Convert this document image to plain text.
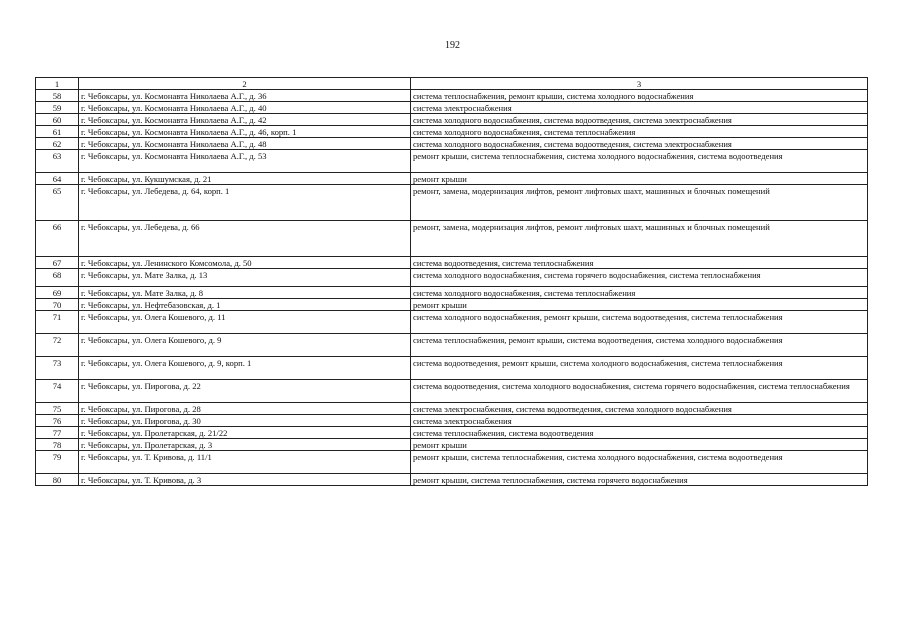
192
1	2	3
58	г. Чебоксары, ул. Космонавта Николаева А.Г., д. 36	система теплоснабжения, ремонт крыши, система холодного водоснабжения
59	г. Чебоксары, ул. Космонавта Николаева А.Г., д. 40	система электроснабжения
60	г. Чебоксары, ул. Космонавта Николаева А.Г., д. 42	система холодного водоснабжения, система водоотведения, система электроснабжения
61	г. Чебоксары, ул. Космонавта Николаева А.Г., д. 46, корп. 1	система холодного водоснабжения, система теплоснабжения
62	г. Чебоксары, ул. Космонавта Николаева А.Г., д. 48	система холодного водоснабжения, система водоотведения, система электроснабжения
63	г. Чебоксары, ул. Космонавта Николаева А.Г., д. 53	ремонт крыши, система теплоснабжения, система холодного водоснабжения, система водоотведения
64	г. Чебоксары, ул. Кукшумская, д. 21	ремонт крыши
65	г. Чебоксары, ул. Лебедева, д. 64, корп. 1	ремонт, замена, модернизация лифтов, ремонт лифтовых шахт, машинных и блочных помещений
66	г. Чебоксары, ул. Лебедева, д. 66	ремонт, замена, модернизация лифтов, ремонт лифтовых шахт, машинных и блочных помещений
67	г. Чебоксары, ул. Ленинского Комсомола, д. 50	система водоотведения, система теплоснабжения
68	г. Чебоксары, ул. Мате Залка, д. 13	система холодного водоснабжения, система горячего водоснабжения, система теплоснабжения
69	г. Чебоксары, ул. Мате Залка, д. 8	система холодного водоснабжения, система теплоснабжения
70	г. Чебоксары, ул. Нефтебазовская, д. 1	ремонт крыши
71	г. Чебоксары, ул. Олега Кошевого, д. 11	система холодного водоснабжения, ремонт крыши, система водоотведения, система теплоснабжения
72	г. Чебоксары, ул. Олега Кошевого, д. 9	система теплоснабжения, ремонт крыши, система водоотведения, система холодного водоснабжения
73	г. Чебоксары, ул. Олега Кошевого, д. 9, корп. 1	система водоотведения, ремонт крыши, система холодного водоснабжения, система теплоснабжения
74	г. Чебоксары, ул. Пирогова, д. 22	система водоотведения, система холодного водоснабжения, система горячего водоснабжения, система теплоснабжения
75	г. Чебоксары, ул. Пирогова, д. 28	система электроснабжения, система водоотведения, система холодного водоснабжения
76	г. Чебоксары, ул. Пирогова, д. 30	система электроснабжения
77	г. Чебоксары, ул. Пролетарская, д. 21/22	система теплоснабжения, система водоотведения
78	г. Чебоксары, ул. Пролетарская, д. 3	ремонт крыши
79	г. Чебоксары, ул. Т. Кривова, д. 11/1	ремонт крыши, система теплоснабжения, система холодного водоснабжения, система водоотведения
80	г. Чебоксары, ул. Т. Кривова, д. 3	ремонт крыши, система теплоснабжения, система горячего водоснабжения
